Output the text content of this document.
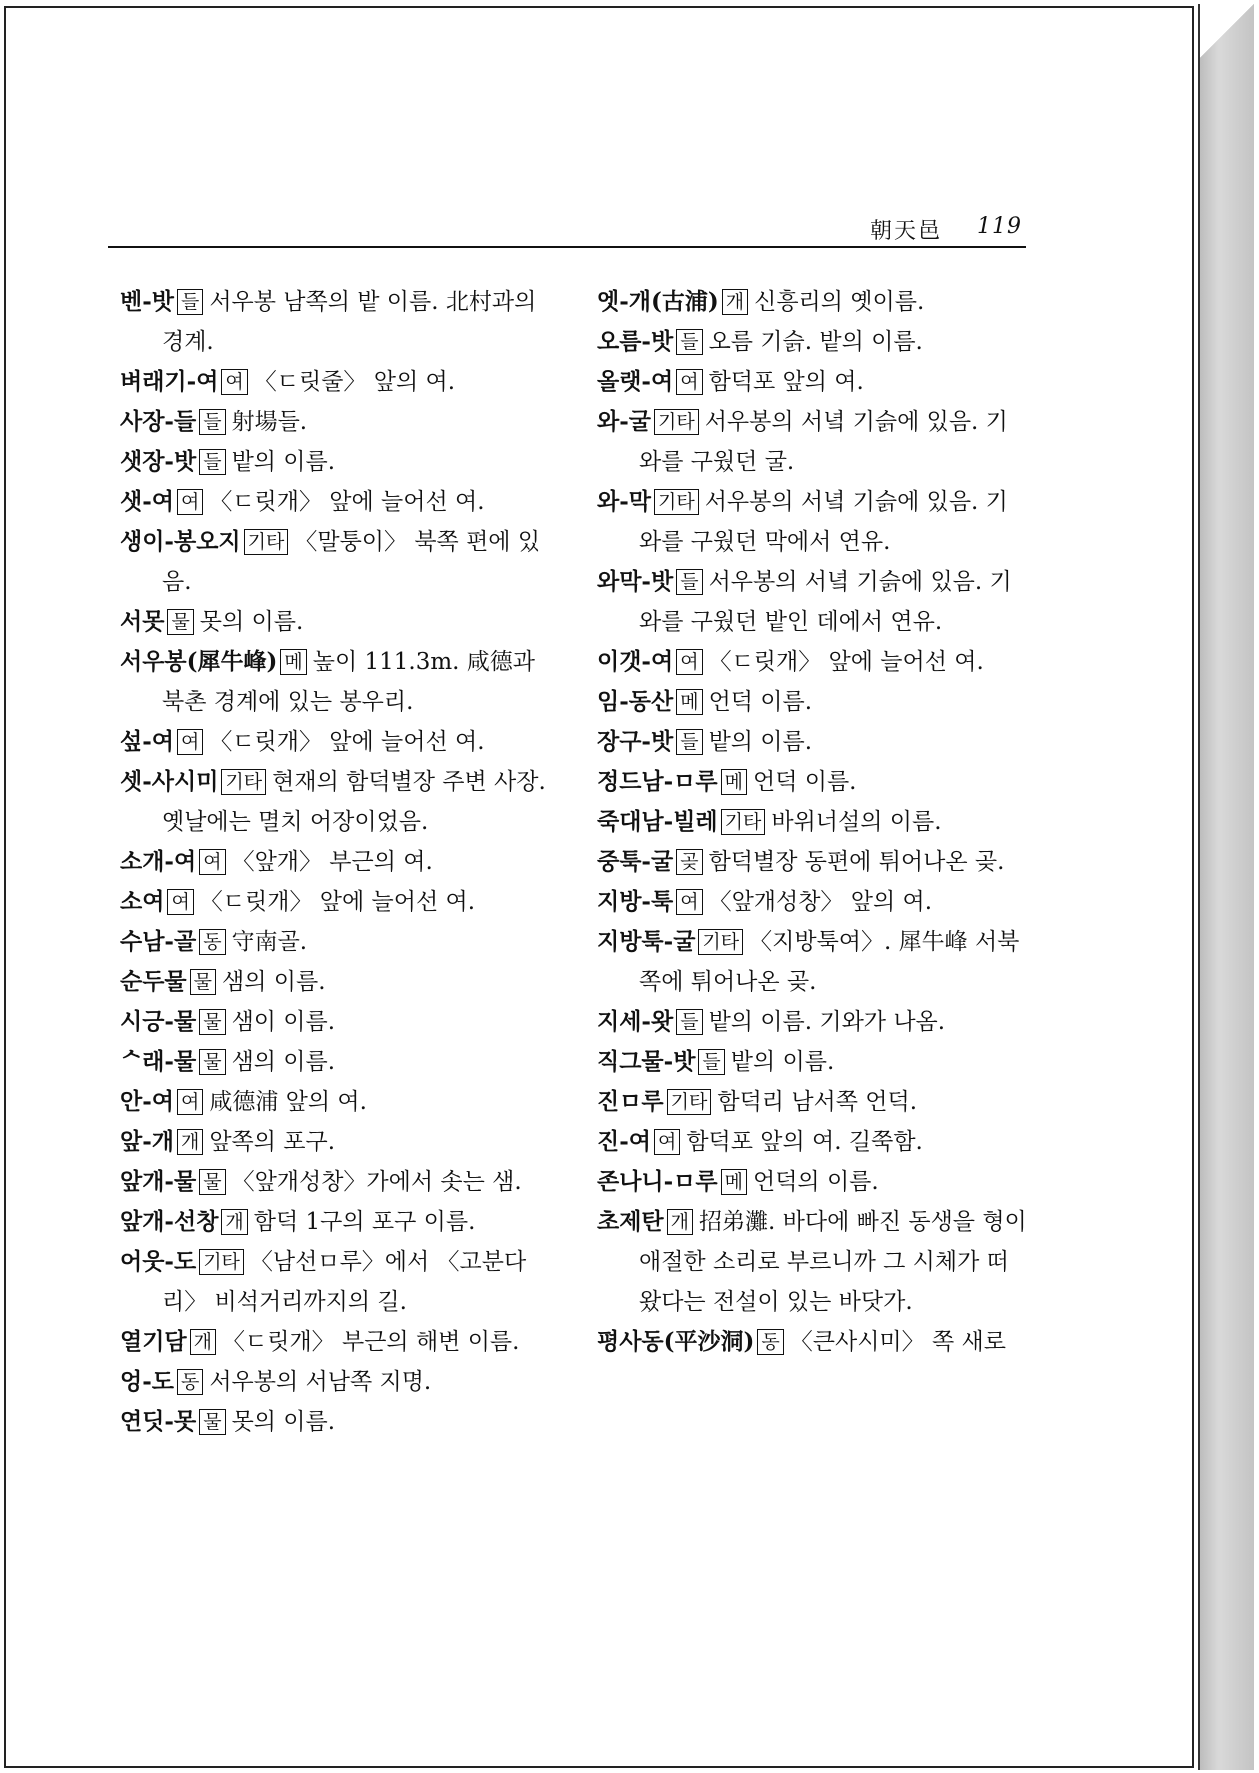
朝天邑 119

벤-밧 들 서우봉 남쪽의 밭 이름. 北村과의 경계.

벼래기-여 여 〈ㄷ릿줄〉 앞의 여.

사장-들 들 射場들.

샛장-밧 들 밭의 이름.

샛-여 여 〈ㄷ릿개〉 앞에 늘어선 여.

생이-봉오지 기타 〈말퉁이〉 북쪽 편에 있음.

서못 물 못의 이름.

서우봉(犀牛峰) 메 높이 111.3m. 咸德과 북촌 경계에 있는 봉우리.

섶-여 여 〈ㄷ릿개〉 앞에 늘어선 여.

셋-사시미 기타 현재의 함덕별장 주변 사장. 옛날에는 멸치 어장이었음.

소개-여 여 〈앞개〉 부근의 여.

소여 여 〈ㄷ릿개〉 앞에 늘어선 여.

수남-골 동 守南골.

순두물 물 샘의 이름.

시긍-물 물 샘이 이름.

ᄉ래-물 물 샘의 이름.

안-여 여 咸德浦 앞의 여.

앞-개 개 앞쪽의 포구.

앞개-물 물 〈앞개성창〉가에서 솟는 샘.

앞개-선창 개 함덕 1구의 포구 이름.

어웃-도 기타 〈남선ㅁ루〉에서 〈고분다리〉 비석거리까지의 길.

열기담 개 〈ㄷ릿개〉 부근의 해변 이름.

엉-도 동 서우봉의 서남쪽 지명.

연딧-못 물 못의 이름.

엣-개(古浦) 개 신흥리의 옛이름.

오름-밧 들 오름 기슭. 밭의 이름.

올랫-여 여 함덕포 앞의 여.

와-굴 기타 서우봉의 서녘 기슭에 있음. 기와를 구웠던 굴.

와-막 기타 서우봉의 서녘 기슭에 있음. 기와를 구웠던 막에서 연유.

와막-밧 들 서우봉의 서녘 기슭에 있음. 기와를 구웠던 밭인 데에서 연유.

이갯-여 여 〈ㄷ릿개〉 앞에 늘어선 여.

임-동산 메 언덕 이름.

장구-밧 들 밭의 이름.

정드남-ㅁ루 메 언덕 이름.

죽대남-빌레 기타 바위너설의 이름.

중툭-굴 곶 함덕별장 동편에 튀어나온 곶.

지방-툭 여 〈앞개성창〉 앞의 여.

지방툭-굴 기타 〈지방툭여〉. 犀牛峰 서북쪽에 튀어나온 곶.

지세-왓 들 밭의 이름. 기와가 나옴.

직그물-밧 들 밭의 이름.

진ㅁ루 기타 함덕리 남서쪽 언덕.

진-여 여 함덕포 앞의 여. 길쭉함.

존나니-ㅁ루 메 언덕의 이름.

초제탄 개 招弟灘. 바다에 빠진 동생을 형이 애절한 소리로 부르니까 그 시체가 떠왔다는 전설이 있는 바닷가.

평사동(平沙洞) 동 〈큰사시미〉 쪽 새로
